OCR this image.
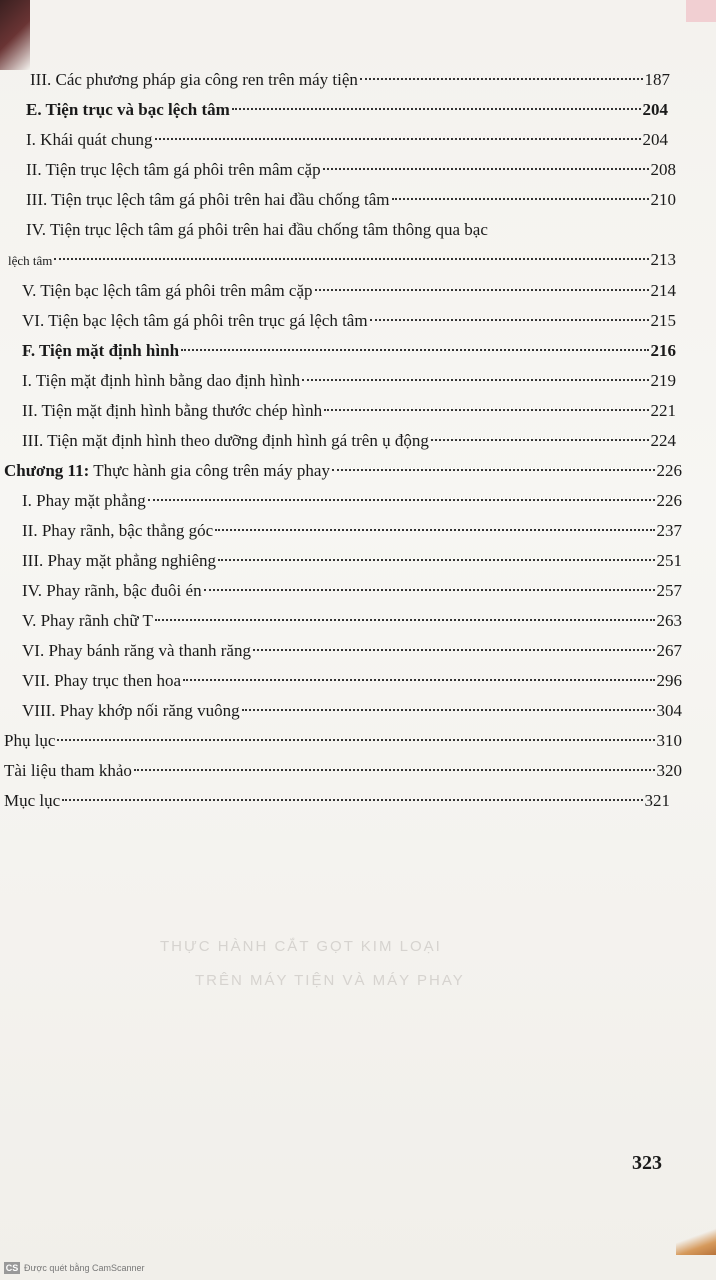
III. Các phương pháp gia công ren trên máy tiện	187
E. Tiện trục và bạc lệch tâm	204
I. Khái quát chung	204
II. Tiện trục lệch tâm gá phôi trên mâm cặp	208
III. Tiện trục lệch tâm gá phôi trên hai đầu chống tâm	210
IV. Tiện trục lệch tâm gá phôi trên hai đầu chống tâm thông qua bạc
lệch tâm	213
V. Tiện bạc lệch tâm gá phôi trên mâm cặp	214
VI. Tiện bạc lệch tâm gá phôi trên trục gá lệch tâm	215
F. Tiện mặt định hình	216
I. Tiện mặt định hình bằng dao định hình	219
II. Tiện mặt định hình bằng thước chép hình	221
III. Tiện mặt định hình theo dưỡng định hình gá trên ụ động	224
Chương 11: Thực hành gia công trên máy phay	226
I. Phay mặt phẳng	226
II. Phay rãnh, bậc thẳng góc	237
III. Phay mặt phẳng nghiêng	251
IV. Phay rãnh, bậc đuôi én	257
V. Phay rãnh chữ T	263
VI. Phay bánh răng và thanh răng	267
VII. Phay trục then hoa	296
VIII. Phay khớp nối răng vuông	304
Phụ lục	310
Tài liệu tham khảo	320
Mục lục	321
THỰC HÀNH CẮT GỌT KIM LOẠI
TRÊN MÁY TIỆN VÀ MÁY PHAY
323
CS Được quét bằng CamScanner
